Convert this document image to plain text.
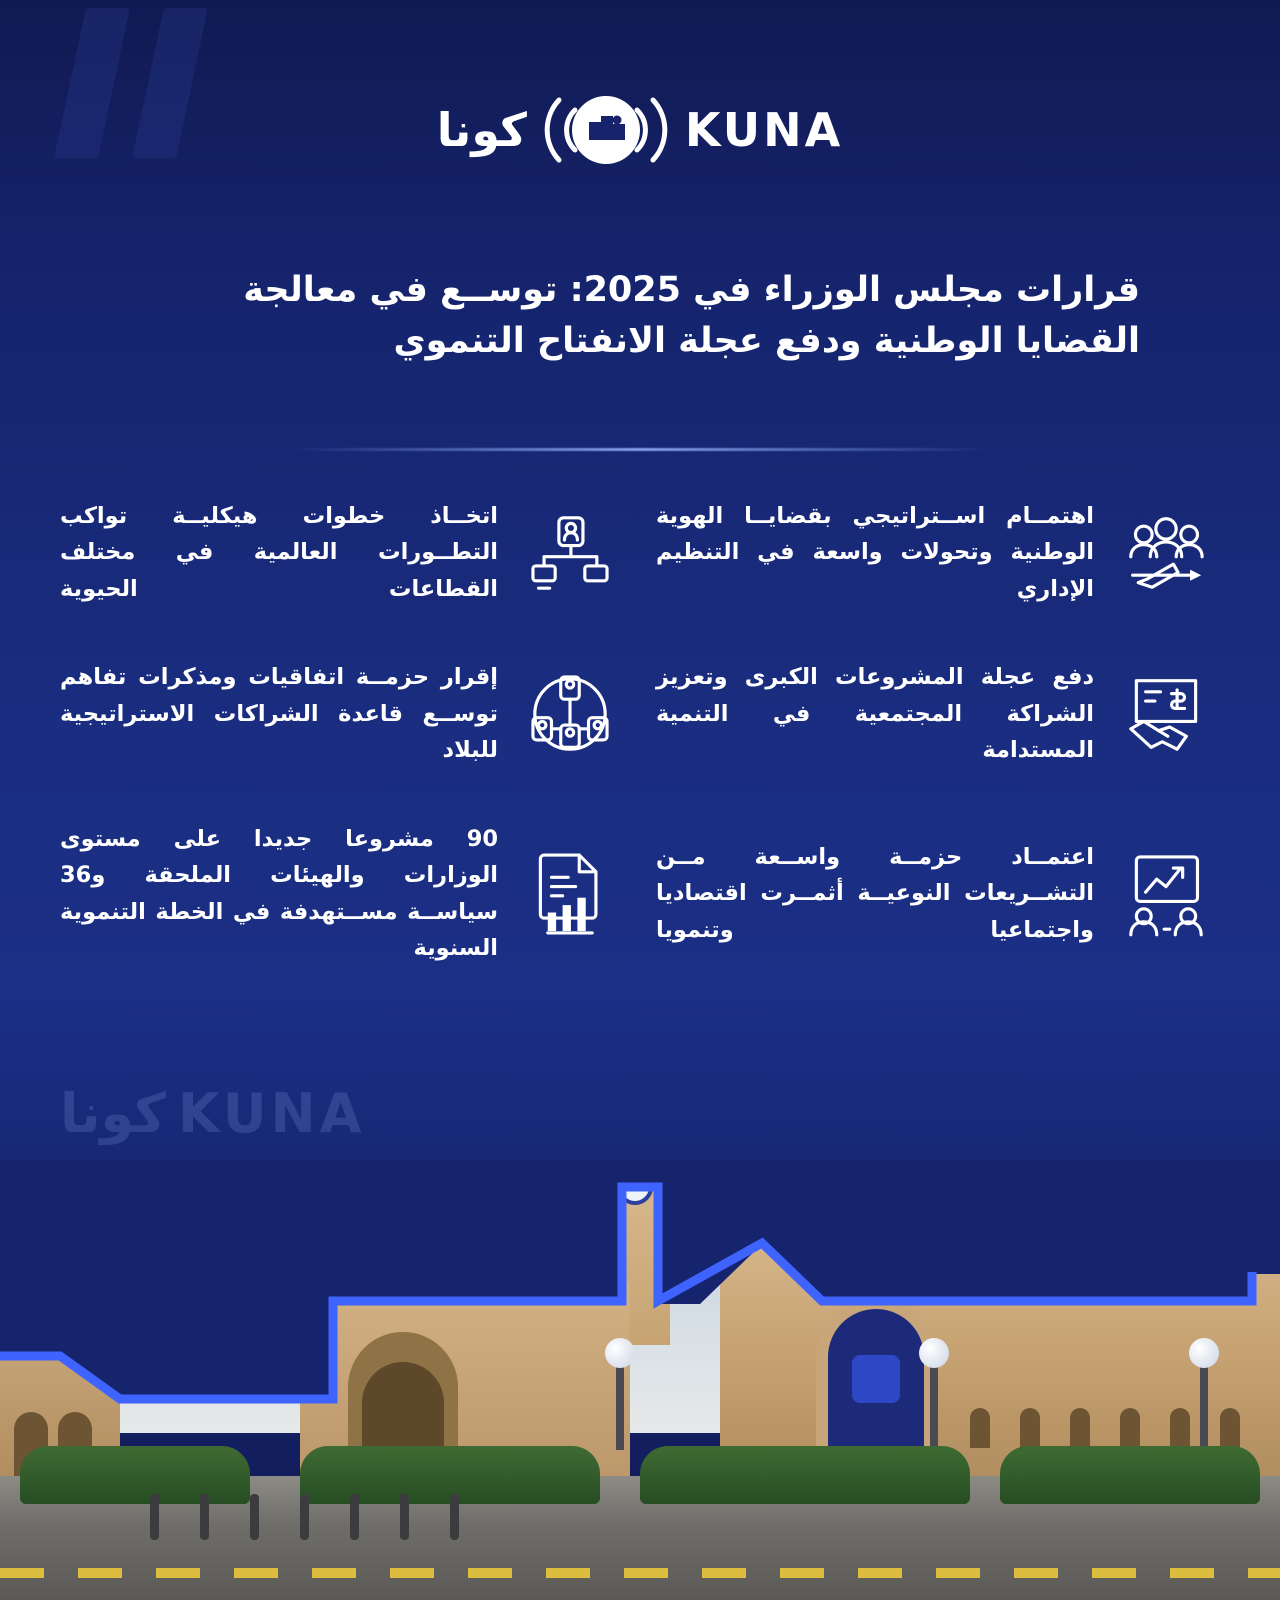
KUNA
كونا
قرارات مجلس الوزراء في 2025: توســع في معالجة القضايا الوطنية ودفع عجلة الانفتاح التنموي
اهتمــام اســتراتيجي بقضايــا الهوية الوطنية وتحولات واسعة في التنظيم الإداري
اتخــاذ خطوات هيكليــة تواكب التطــورات العالمية في مختلف القطاعات الحيوية
دفع عجلة المشروعات الكبرى وتعزيز الشراكة المجتمعية في التنمية المستدامة
إقرار حزمــة اتفاقيات ومذكرات تفاهم توســع قاعدة الشراكات الاستراتيجية للبلاد
اعتمــاد حزمــة واســعة مــن التشــريعات النوعيــة أثمــرت اقتصاديا واجتماعيا وتنمويا
90 مشروعا جديدا على مستوى الوزارات والهيئات الملحقة و36 سياســة مســتهدفة في الخطة التنموية السنوية
KUNA
كونا
